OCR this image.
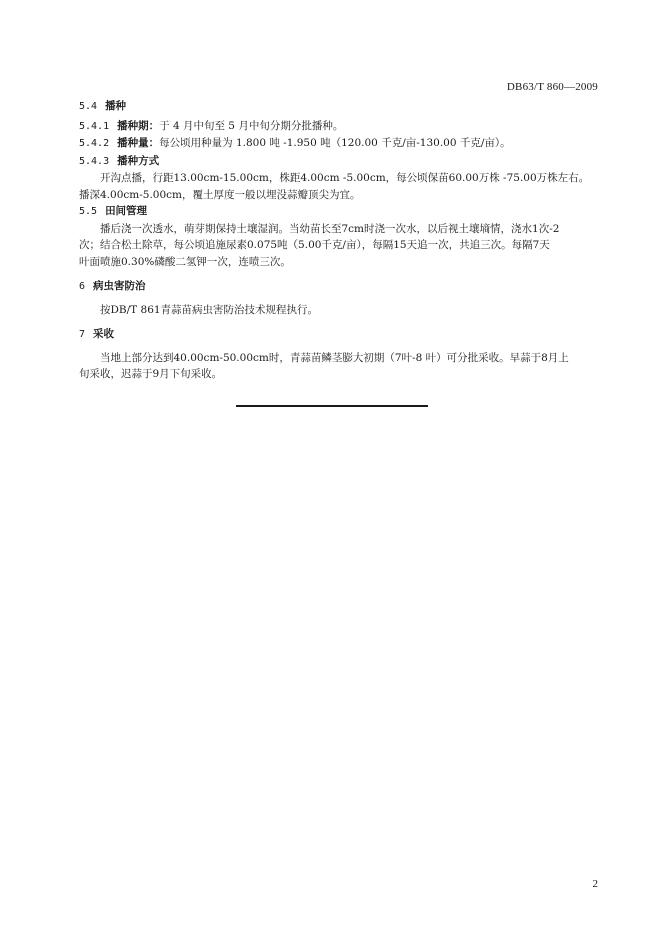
DB63/T 860—2009
5.4 播种
5.4.1 播种期：于 4 月中旬至 5 月中旬分期分批播种。
5.4.2 播种量：每公顷用种量为 1.800 吨 -1.950 吨（120.00 千克/亩-130.00 千克/亩）。
5.4.3 播种方式
开沟点播，行距13.00cm-15.00cm，株距4.00cm -5.00cm，每公顷保苗60.00万株 -75.00万株左右。
播深4.00cm-5.00cm，覆土厚度一般以埋没蒜瓣顶尖为宜。
5.5 田间管理
播后浇一次透水，萌芽期保持土壤湿润。当幼苗长至7cm时浇一次水，以后视土壤墒情，浇水1次-2
次；结合松土除草，每公顷追施尿素0.075吨（5.00千克/亩），每隔15天追一次，共追三次。每隔7天
叶面喷施0.30%磷酸二氢钾一次，连喷三次。
6 病虫害防治
按DB/T 861青蒜苗病虫害防治技术规程执行。
7 采收
当地上部分达到40.00cm-50.00cm时，青蒜苗鳞茎膨大初期（7叶-8 叶）可分批采收。早蒜于8月上
旬采收，迟蒜于9月下旬采收。
2
